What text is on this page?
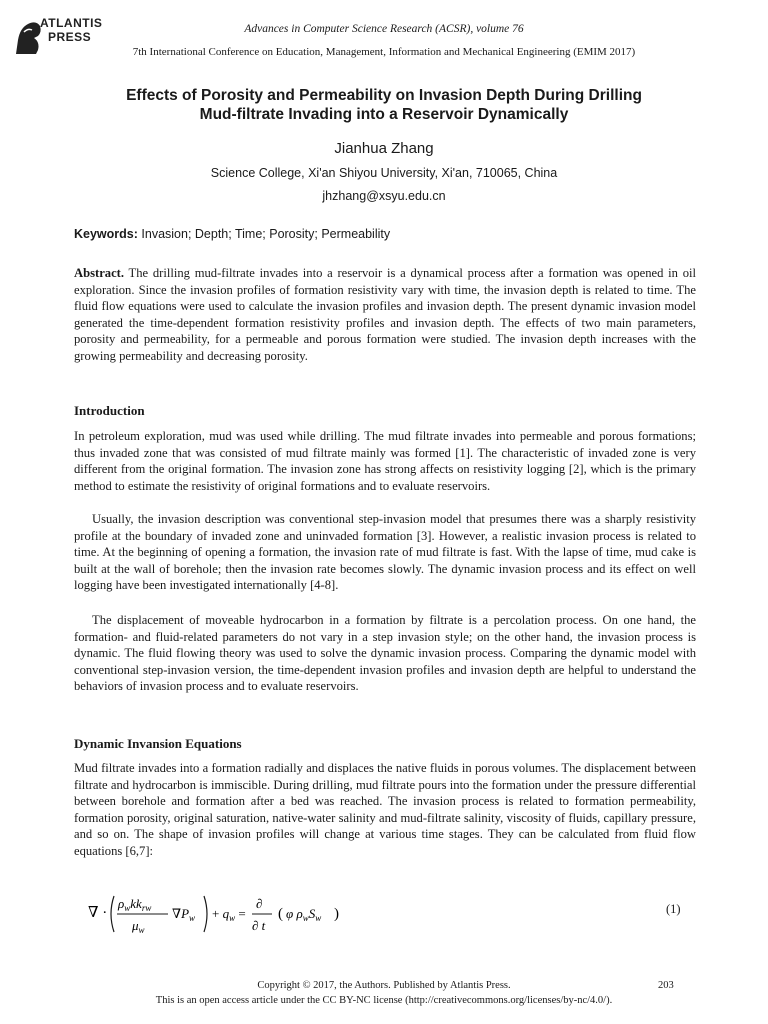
ATLANTIS
PRESS
Advances in Computer Science Research (ACSR), volume 76
7th International Conference on Education, Management, Information and Mechanical Engineering (EMIM 2017)
Effects of Porosity and Permeability on Invasion Depth During Drilling
Mud-filtrate Invading into a Reservoir Dynamically
Jianhua Zhang
Science College, Xi'an Shiyou University, Xi'an, 710065, China
jhzhang@xsyu.edu.cn
Keywords: Invasion; Depth; Time; Porosity; Permeability

Abstract. The drilling mud-filtrate invades into a reservoir is a dynamical process after a formation was opened in oil exploration. Since the invasion profiles of formation resistivity vary with time, the invasion depth is related to time. The fluid flow equations were used to calculate the invasion profiles and invasion depth. The present dynamic invasion model generated the time-dependent formation resistivity profiles and invasion depth. The effects of two main parameters, porosity and permeability, for a permeable and porous formation were studied. The invasion depth increases with the growing permeability and decreasing porosity.

Introduction

In petroleum exploration, mud was used while drilling. The mud filtrate invades into permeable and porous formations; thus invaded zone that was consisted of mud filtrate mainly was formed [1]. The characteristic of invaded zone is very different from the original formation. The invasion zone has strong affects on resistivity logging [2], which is the primary method to estimate the resistivity of original formations and to evaluate reservoirs.

Usually, the invasion description was conventional step-invasion model that presumes there was a sharply resistivity profile at the boundary of invaded zone and uninvaded formation [3]. However, a realistic invasion process is related to time. At the beginning of opening a formation, the invasion rate of mud filtrate is fast. With the lapse of time, mud cake is built at the wall of borehole; then the invasion rate becomes slowly. The dynamic invasion process and its effect on well logging have been investigated internationally [4-8].

The displacement of moveable hydrocarbon in a formation by filtrate is a percolation process. On one hand, the formation- and fluid-related parameters do not vary in a step invasion style; on the other hand, the invasion process is dynamic. The fluid flowing theory was used to solve the dynamic invasion process. Comparing the dynamic model with conventional step-invasion version, the time-dependent invasion profiles and invasion depth are helpful to understand the behaviors of invasion process and to evaluate reservoirs.

Dynamic Invansion Equations

Mud filtrate invades into a formation radially and displaces the native fluids in porous volumes. The displacement between filtrate and hydrocarbon is immiscible. During drilling, mud filtrate pours into the formation under the pressure differential between borehole and formation after a bed was reached. The invasion process is related to formation permeability, formation porosity, original saturation, native-water salinity and mud-filtrate salinity, viscosity of fluids, capillary pressure, and so on. The shape of invasion profiles will change at various time stages. They can be calculated from fluid flow equations [6,7]:

∇ ·
$\rho_wkk_{rw}$
$\mu_w$
$\nabla P_w + q_w$ =
∂
∂ t
( φ $\rho_wS_w$ )	(1)
Copyright © 2017, the Authors. Published by Atlantis Press.	203
This is an open access article under the CC BY-NC license (http://creativecommons.org/licenses/by-nc/4.0/).
